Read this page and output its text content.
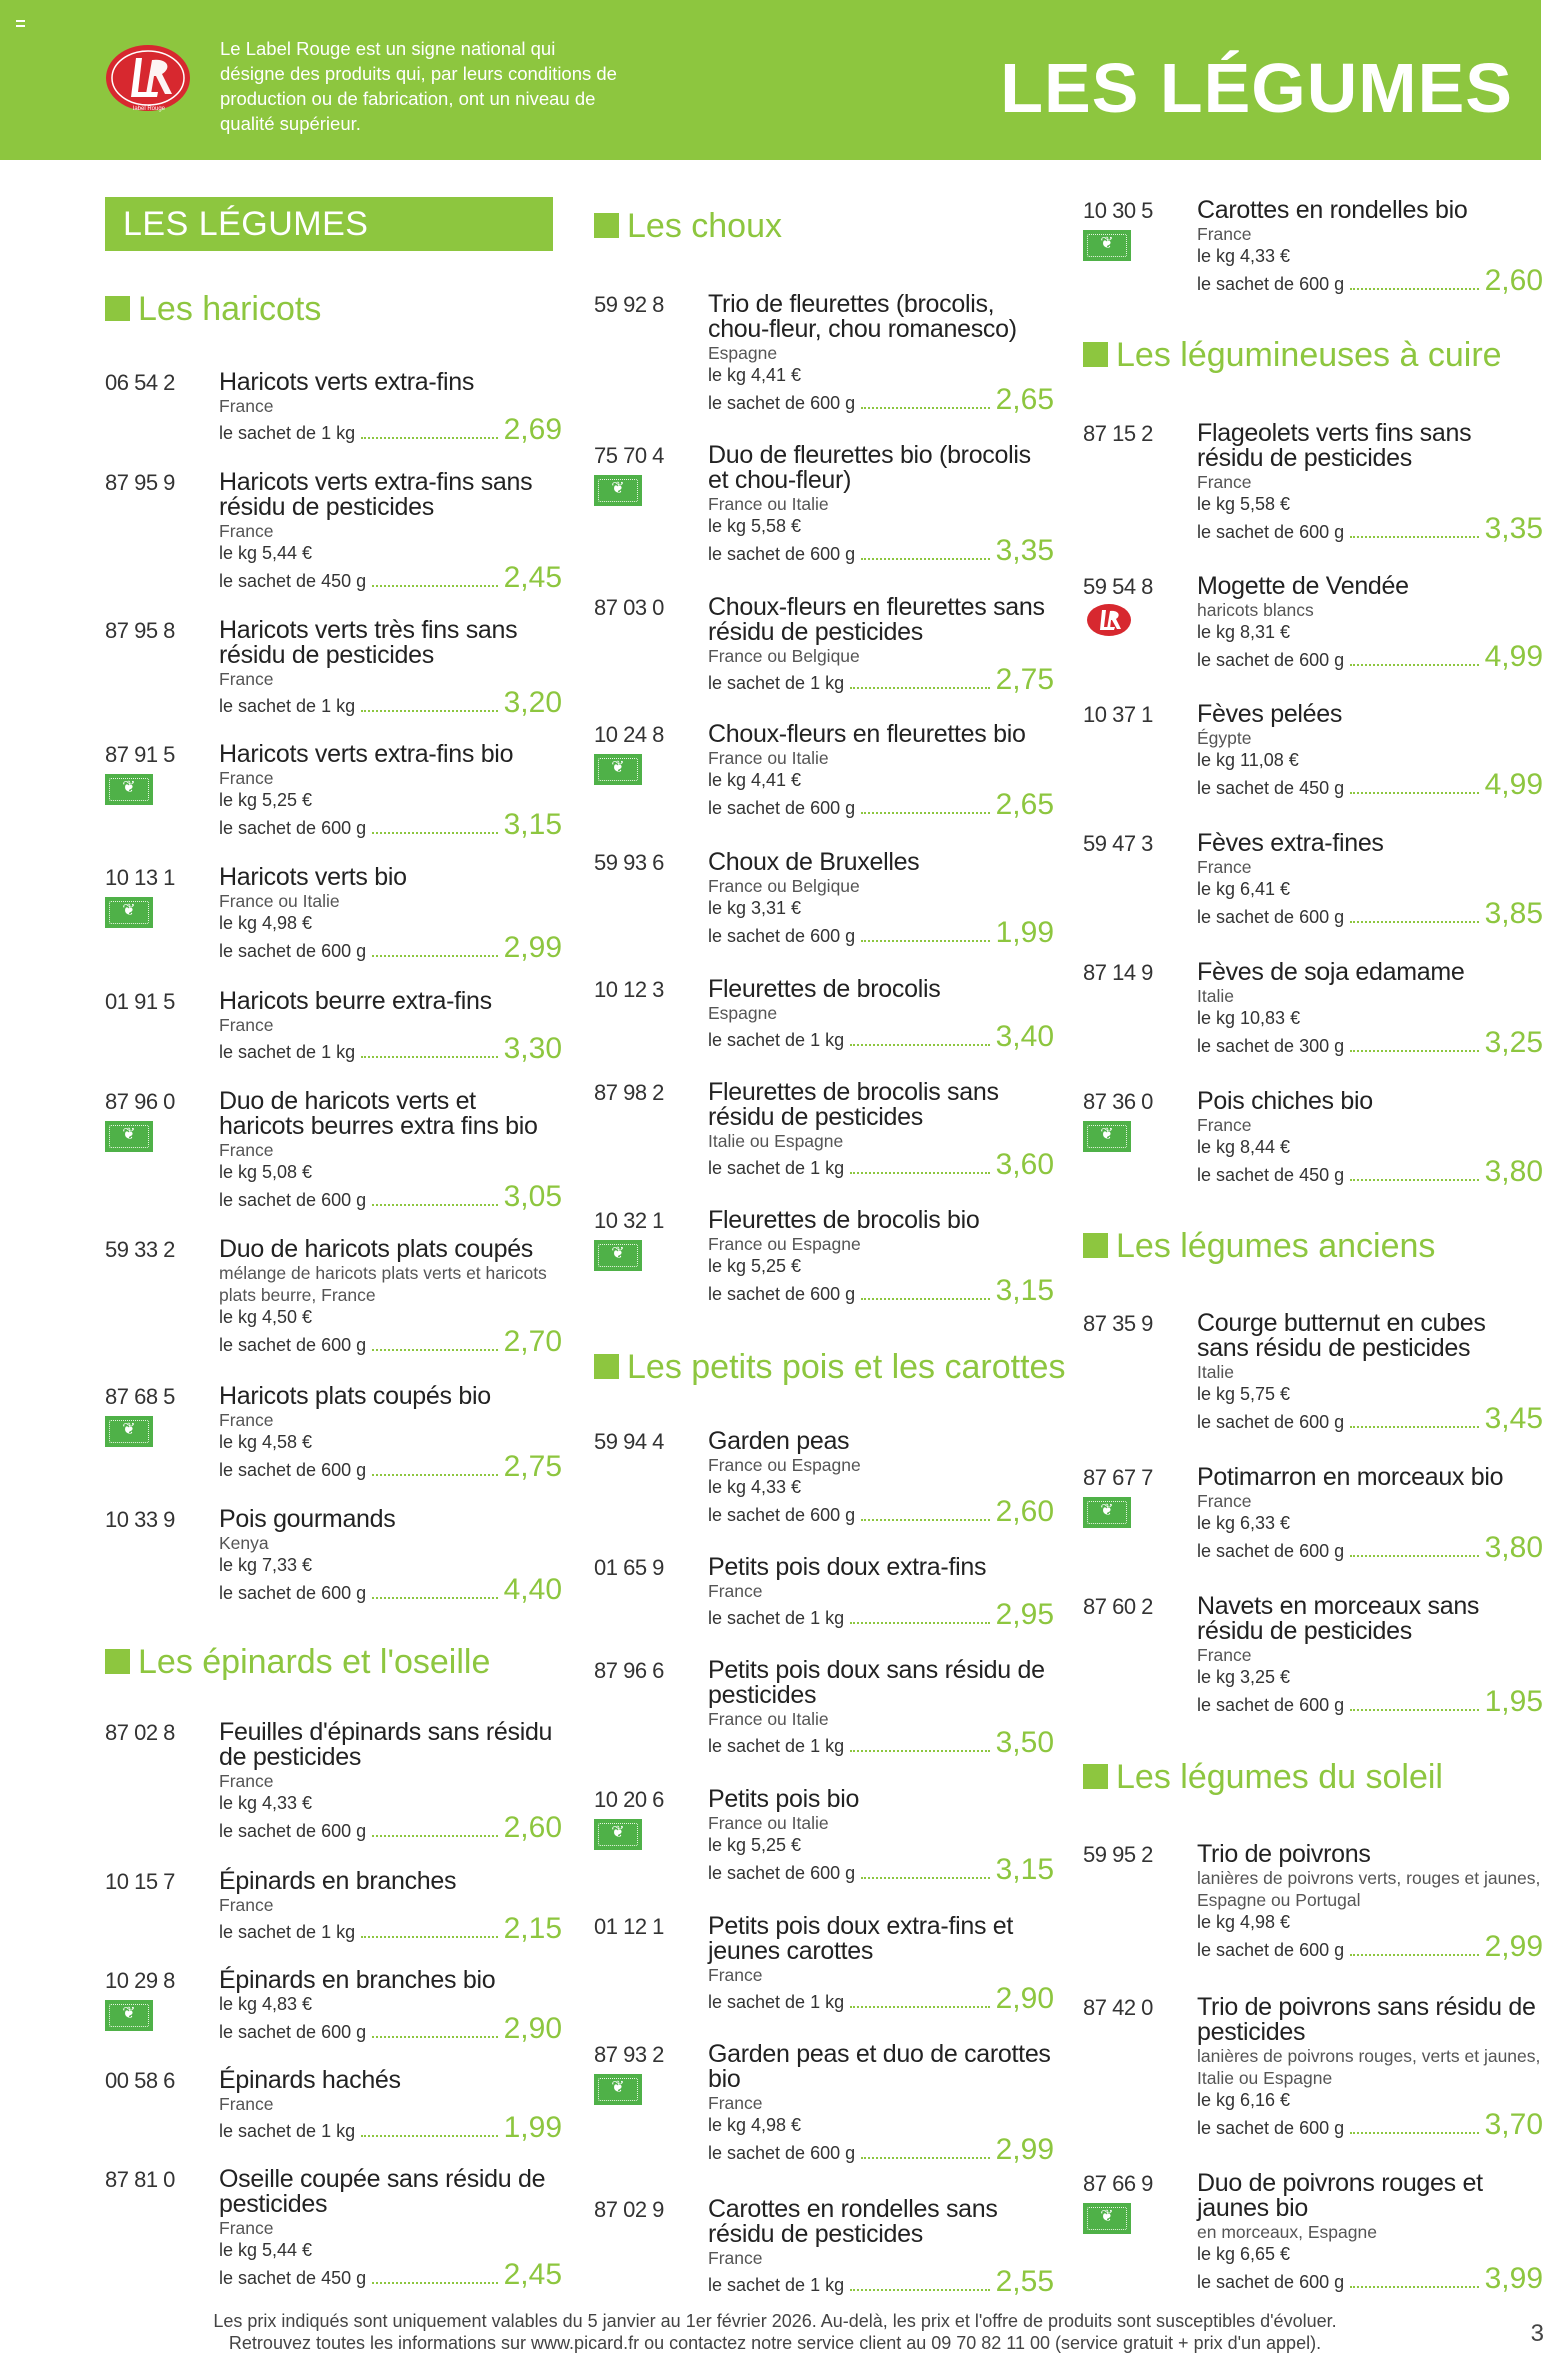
label Rouge
Le Label Rouge est un signe national qui désigne des produits qui, par leurs conditions de production ou de fabrication, ont un niveau de qualité supérieur.	LES LÉGUMES
LES LÉGUMES
Les haricots
06 54 2 Haricots verts extra-fins
France
le sachet de 1 kg	2,69
87 95 9 Haricots verts extra-fins sans résidu de pesticides
France
le kg 5,44 €
le sachet de 450 g	2,45
87 95 8 Haricots verts très fins sans résidu de pesticides
France
le sachet de 1 kg	3,20
87 91 5
❦ Haricots verts extra-fins bio
France
le kg 5,25 €
le sachet de 600 g	3,15
10 13 1
❦ Haricots verts bio
France ou Italie
le kg 4,98 €
le sachet de 600 g	2,99
01 91 5 Haricots beurre extra-fins
France
le sachet de 1 kg	3,30
87 96 0
❦ Duo de haricots verts et haricots beurres extra fins bio
France
le kg 5,08 €
le sachet de 600 g	3,05
59 33 2 Duo de haricots plats coupés
mélange de haricots plats verts et haricots plats beurre, France
le kg 4,50 €
le sachet de 600 g	2,70
87 68 5
❦ Haricots plats coupés bio
France
le kg 4,58 €
le sachet de 600 g	2,75
10 33 9 Pois gourmands
Kenya
le kg 7,33 €
le sachet de 600 g	4,40
Les épinards et l'oseille
87 02 8 Feuilles d'épinards sans résidu de pesticides
France
le kg 4,33 €
le sachet de 600 g	2,60
10 15 7 Épinards en branches
France
le sachet de 1 kg	2,15
10 29 8
❦ Épinards en branches bio
le kg 4,83 €
le sachet de 600 g	2,90
00 58 6 Épinards hachés
France
le sachet de 1 kg	1,99
87 81 0 Oseille coupée sans résidu de pesticides
France
le kg 5,44 €
le sachet de 450 g	2,45
Les choux
59 92 8 Trio de fleurettes (brocolis, chou-fleur, chou romanesco)
Espagne
le kg 4,41 €
le sachet de 600 g	2,65
75 70 4
❦ Duo de fleurettes bio (brocolis et chou-fleur)
France ou Italie
le kg 5,58 €
le sachet de 600 g	3,35
87 03 0 Choux-fleurs en fleurettes sans résidu de pesticides
France ou Belgique
le sachet de 1 kg	2,75
10 24 8
❦ Choux-fleurs en fleurettes bio
France ou Italie
le kg 4,41 €
le sachet de 600 g	2,65
59 93 6 Choux de Bruxelles
France ou Belgique
le kg 3,31 €
le sachet de 600 g	1,99
10 12 3 Fleurettes de brocolis
Espagne
le sachet de 1 kg	3,40
87 98 2 Fleurettes de brocolis sans résidu de pesticides
Italie ou Espagne
le sachet de 1 kg	3,60
10 32 1
❦ Fleurettes de brocolis bio
France ou Espagne
le kg 5,25 €
le sachet de 600 g	3,15
Les petits pois et les carottes
59 94 4 Garden peas
France ou Espagne
le kg 4,33 €
le sachet de 600 g	2,60
01 65 9 Petits pois doux extra-fins
France
le sachet de 1 kg	2,95
87 96 6 Petits pois doux sans résidu de pesticides
France ou Italie
le sachet de 1 kg	3,50
10 20 6
❦ Petits pois bio
France ou Italie
le kg 5,25 €
le sachet de 600 g	3,15
01 12 1 Petits pois doux extra-fins et jeunes carottes
France
le sachet de 1 kg	2,90
87 93 2
❦ Garden peas et duo de carottes bio
France
le kg 4,98 €
le sachet de 600 g	2,99
87 02 9 Carottes en rondelles sans résidu de pesticides
France
le sachet de 1 kg	2,55
10 30 5
❦ Carottes en rondelles bio
France
le kg 4,33 €
le sachet de 600 g	2,60
Les légumineuses à cuire
87 15 2 Flageolets verts fins sans résidu de pesticides
France
le kg 5,58 €
le sachet de 600 g	3,35
59 54 8 Mogette de Vendée
haricots blancs
le kg 8,31 €
le sachet de 600 g	4,99
10 37 1 Fèves pelées
Égypte
le kg 11,08 €
le sachet de 450 g	4,99
59 47 3 Fèves extra-fines
France
le kg 6,41 €
le sachet de 600 g	3,85
87 14 9 Fèves de soja edamame
Italie
le kg 10,83 €
le sachet de 300 g	3,25
87 36 0
❦ Pois chiches bio
France
le kg 8,44 €
le sachet de 450 g	3,80
Les légumes anciens
87 35 9 Courge butternut en cubes sans résidu de pesticides
Italie
le kg 5,75 €
le sachet de 600 g	3,45
87 67 7
❦ Potimarron en morceaux bio
France
le kg 6,33 €
le sachet de 600 g	3,80
87 60 2 Navets en morceaux sans résidu de pesticides
France
le kg 3,25 €
le sachet de 600 g	1,95
Les légumes du soleil
59 95 2 Trio de poivrons
lanières de poivrons verts, rouges et jaunes, Espagne ou Portugal
le kg 4,98 €
le sachet de 600 g	2,99
87 42 0 Trio de poivrons sans résidu de pesticides
lanières de poivrons rouges, verts et jaunes, Italie ou Espagne
le kg 6,16 €
le sachet de 600 g	3,70
87 66 9
❦ Duo de poivrons rouges et jaunes bio
en morceaux, Espagne
le kg 6,65 €
le sachet de 600 g	3,99
Les prix indiqués sont uniquement valables du 5 janvier au 1er février 2026. Au-delà, les prix et l'offre de produits sont susceptibles d'évoluer.
Retrouvez toutes les informations sur www.picard.fr ou contactez notre service client au 09 70 82 11 00 (service gratuit + prix d'un appel).	3
